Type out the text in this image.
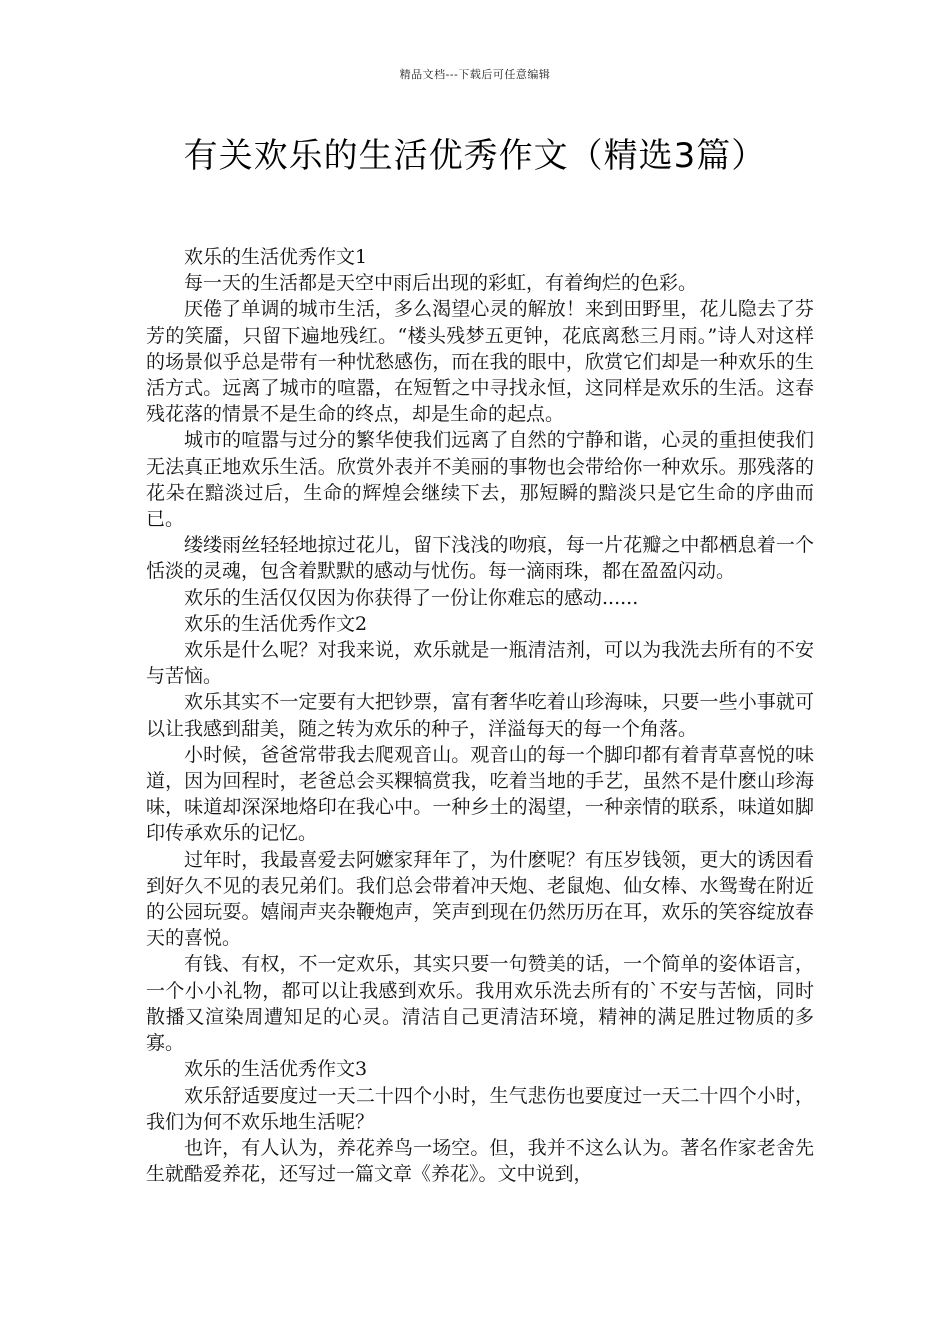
精品文档---下载后可任意编辑
有关欢乐的生活优秀作文（精选3篇）

欢乐的生活优秀作文1

每一天的生活都是天空中雨后出现的彩虹，有着绚烂的色彩。

厌倦了单调的城市生活，多么渴望心灵的解放！来到田野里，花儿隐去了芬芳的笑靥，只留下遍地残红。“楼头残梦五更钟，花底离愁三月雨。”诗人对这样的场景似乎总是带有一种忧愁感伤，而在我的眼中，欣赏它们却是一种欢乐的生活方式。远离了城市的喧嚣，在短暂之中寻找永恒，这同样是欢乐的生活。这春残花落的情景不是生命的终点，却是生命的起点。

城市的喧嚣与过分的繁华使我们远离了自然的宁静和谐，心灵的重担使我们无法真正地欢乐生活。欣赏外表并不美丽的事物也会带给你一种欢乐。那残落的花朵在黯淡过后，生命的辉煌会继续下去，那短瞬的黯淡只是它生命的序曲而已。

缕缕雨丝轻轻地掠过花儿，留下浅浅的吻痕，每一片花瓣之中都栖息着一个恬淡的灵魂，包含着默默的感动与忧伤。每一滴雨珠，都在盈盈闪动。

欢乐的生活仅仅因为你获得了一份让你难忘的感动......

欢乐的生活优秀作文2

欢乐是什么呢？对我来说，欢乐就是一瓶清洁剂，可以为我洗去所有的不安与苦恼。

欢乐其实不一定要有大把钞票，富有奢华吃着山珍海味，只要一些小事就可以让我感到甜美，随之转为欢乐的种子，洋溢每天的每一个角落。

小时候，爸爸常带我去爬观音山。观音山的每一个脚印都有着青草喜悦的味道，因为回程时，老爸总会买粿犒赏我，吃着当地的手艺，虽然不是什麽山珍海味，味道却深深地烙印在我心中。一种乡土的渴望，一种亲情的联系，味道如脚印传承欢乐的记忆。

过年时，我最喜爱去阿嬷家拜年了，为什麽呢？有压岁钱领，更大的诱因看到好久不见的表兄弟们。我们总会带着冲天炮、老鼠炮、仙女棒、水鸳鸯在附近的公园玩耍。嬉闹声夹杂鞭炮声，笑声到现在仍然历历在耳，欢乐的笑容绽放春天的喜悦。

有钱、有权，不一定欢乐，其实只要一句赞美的话，一个简单的姿体语言，一个小小礼物，都可以让我感到欢乐。我用欢乐洗去所有的`不安与苦恼，同时散播又渲染周遭知足的心灵。清洁自己更清洁环境，精神的满足胜过物质的多寡。

欢乐的生活优秀作文3

欢乐舒适要度过一天二十四个小时，生气悲伤也要度过一天二十四个小时，我们为何不欢乐地生活呢？

也许，有人认为，养花养鸟一场空。但，我并不这么认为。著名作家老舍先生就酷爱养花，还写过一篇文章《养花》。文中说到，
